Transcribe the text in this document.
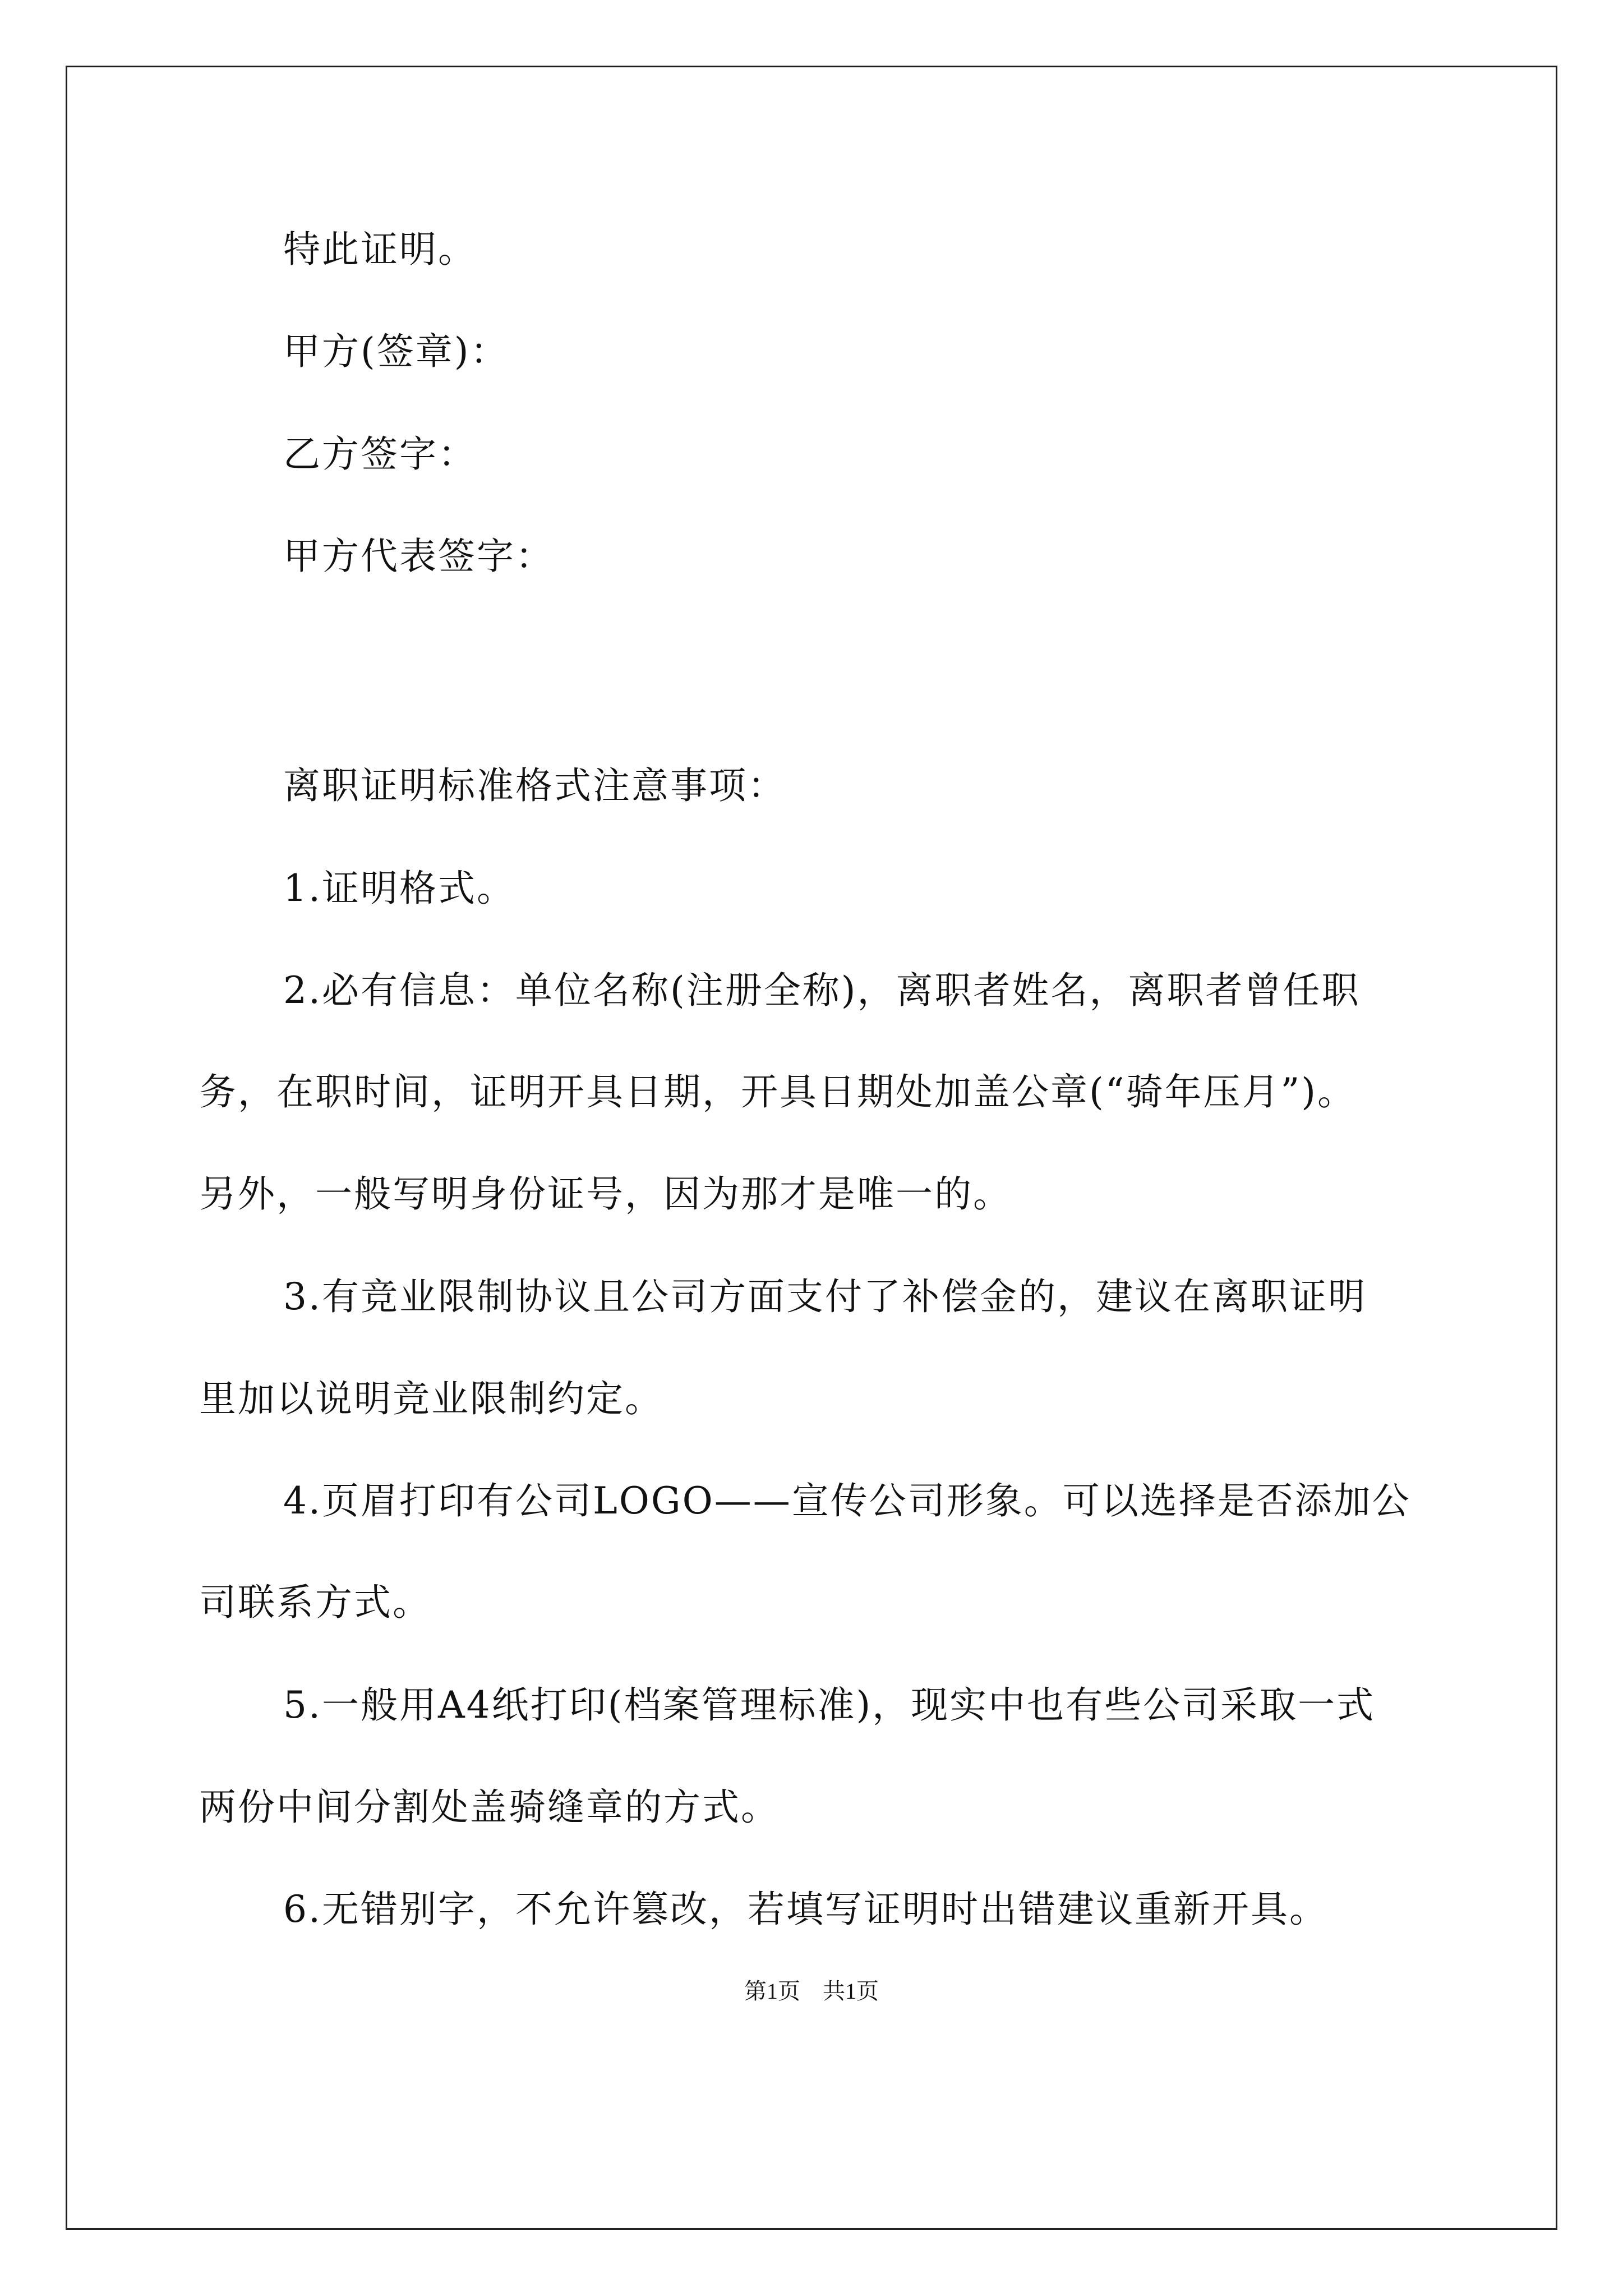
特此证明。
甲方(签章)：
乙方签字：
甲方代表签字：
离职证明标准格式注意事项：
1.证明格式。
2.必有信息：单位名称(注册全称)，离职者姓名，离职者曾任职
务，在职时间，证明开具日期，开具日期处加盖公章(“骑年压月”)。
另外，一般写明身份证号，因为那才是唯一的。
3.有竞业限制协议且公司方面支付了补偿金的，建议在离职证明
里加以说明竞业限制约定。
4.页眉打印有公司LOGO——宣传公司形象。可以选择是否添加公
司联系方式。
5.一般用A4纸打印(档案管理标准)，现实中也有些公司采取一式
两份中间分割处盖骑缝章的方式。
6.无错别字，不允许篡改，若填写证明时出错建议重新开具。
第1页　共1页
